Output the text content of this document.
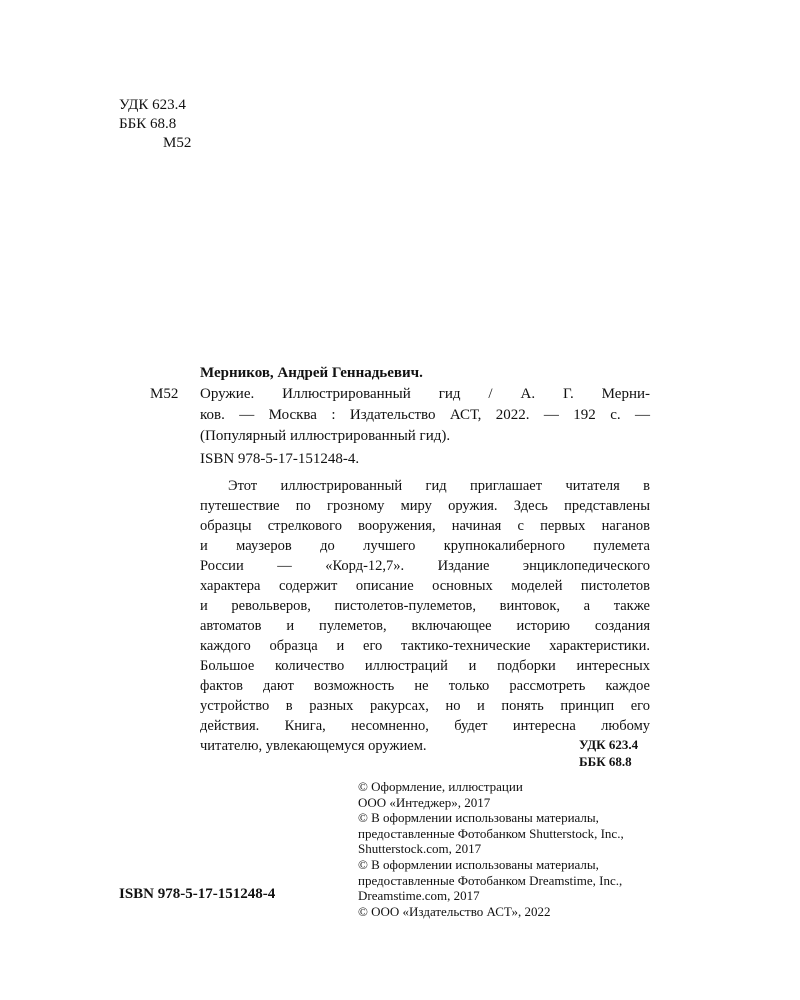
УДК 623.4
ББК 68.8
М52
Мерников, Андрей Геннадьевич.
М52 Оружие. Иллюстрированный гид / А. Г. Мерни-
ков. — Москва : Издательство АСТ, 2022. — 192 с. —
(Популярный иллюстрированный гид).
ISBN 978-5-17-151248-4.
Этот иллюстрированный гид приглашает читателя в
путешествие по грозному миру оружия. Здесь представлены
образцы стрелкового вооружения, начиная с первых наганов
и маузеров до лучшего крупнокалиберного пулемета
России — «Корд-12,7». Издание энциклопедического
характера содержит описание основных моделей пистолетов
и револьверов, пистолетов-пулеметов, винтовок, а также
автоматов и пулеметов, включающее историю создания
каждого образца и его тактико-технические характеристики.
Большое количество иллюстраций и подборки интересных
фактов дают возможность не только рассмотреть каждое
устройство в разных ракурсах, но и понять принцип его
действия. Книга, несомненно, будет интересна любому
читателю, увлекающемуся оружием.	УДК 623.4
ББК 68.8
© Оформление, иллюстрации
ООО «Интеджер», 2017
© В оформлении использованы материалы,
предоставленные Фотобанком Shutterstock, Inc.,
Shutterstock.com, 2017
© В оформлении использованы материалы,
предоставленные Фотобанком Dreamstime, Inc.,
Dreamstime.com, 2017
© ООО «Издательство АСТ», 2022
ISBN 978-5-17-151248-4
